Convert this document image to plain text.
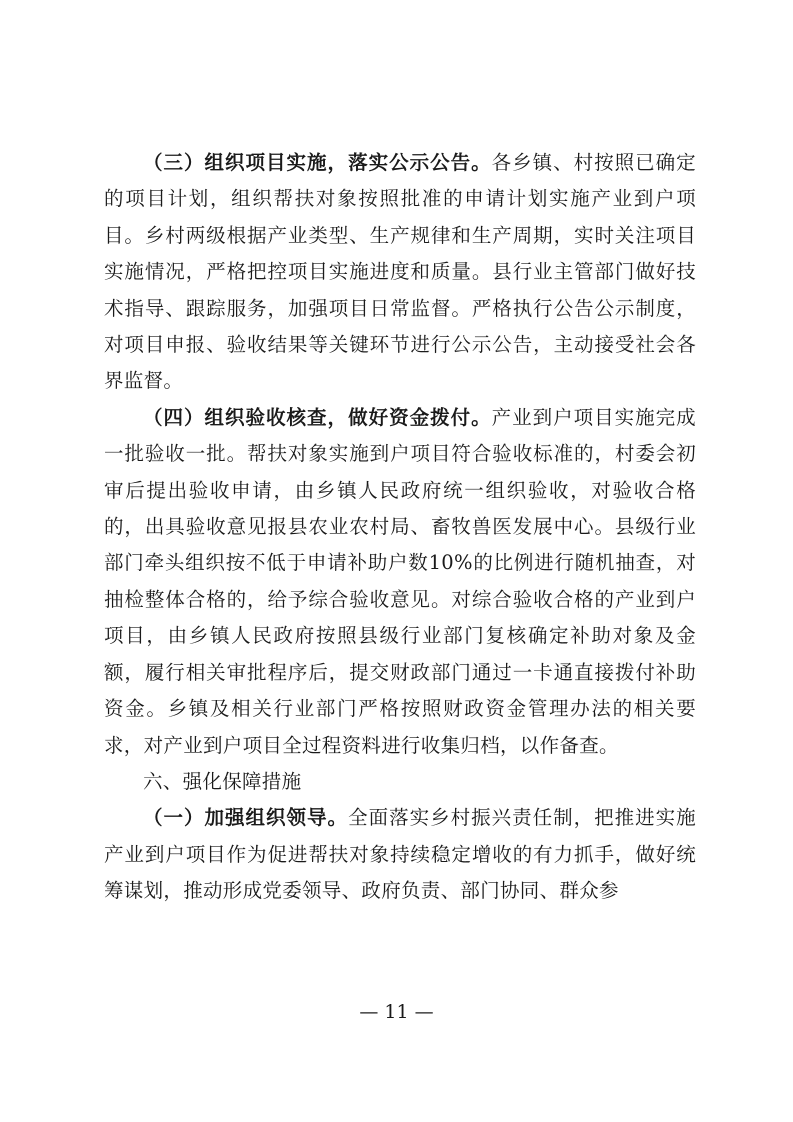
（三）组织项目实施，落实公示公告。各乡镇、村按照已确定的项目计划，组织帮扶对象按照批准的申请计划实施产业到户项目。乡村两级根据产业类型、生产规律和生产周期，实时关注项目实施情况，严格把控项目实施进度和质量。县行业主管部门做好技术指导、跟踪服务，加强项目日常监督。严格执行公告公示制度，对项目申报、验收结果等关键环节进行公示公告，主动接受社会各界监督。

（四）组织验收核查，做好资金拨付。产业到户项目实施完成一批验收一批。帮扶对象实施到户项目符合验收标准的，村委会初审后提出验收申请，由乡镇人民政府统一组织验收，对验收合格的，出具验收意见报县农业农村局、畜牧兽医发展中心。县级行业部门牵头组织按不低于申请补助户数10%的比例进行随机抽查，对抽检整体合格的，给予综合验收意见。对综合验收合格的产业到户项目，由乡镇人民政府按照县级行业部门复核确定补助对象及金额，履行相关审批程序后，提交财政部门通过一卡通直接拨付补助资金。乡镇及相关行业部门严格按照财政资金管理办法的相关要求，对产业到户项目全过程资料进行收集归档，以作备查。

六、强化保障措施

（一）加强组织领导。全面落实乡村振兴责任制，把推进实施产业到户项目作为促进帮扶对象持续稳定增收的有力抓手，做好统筹谋划，推动形成党委领导、政府负责、部门协同、群众参

— 11 —
